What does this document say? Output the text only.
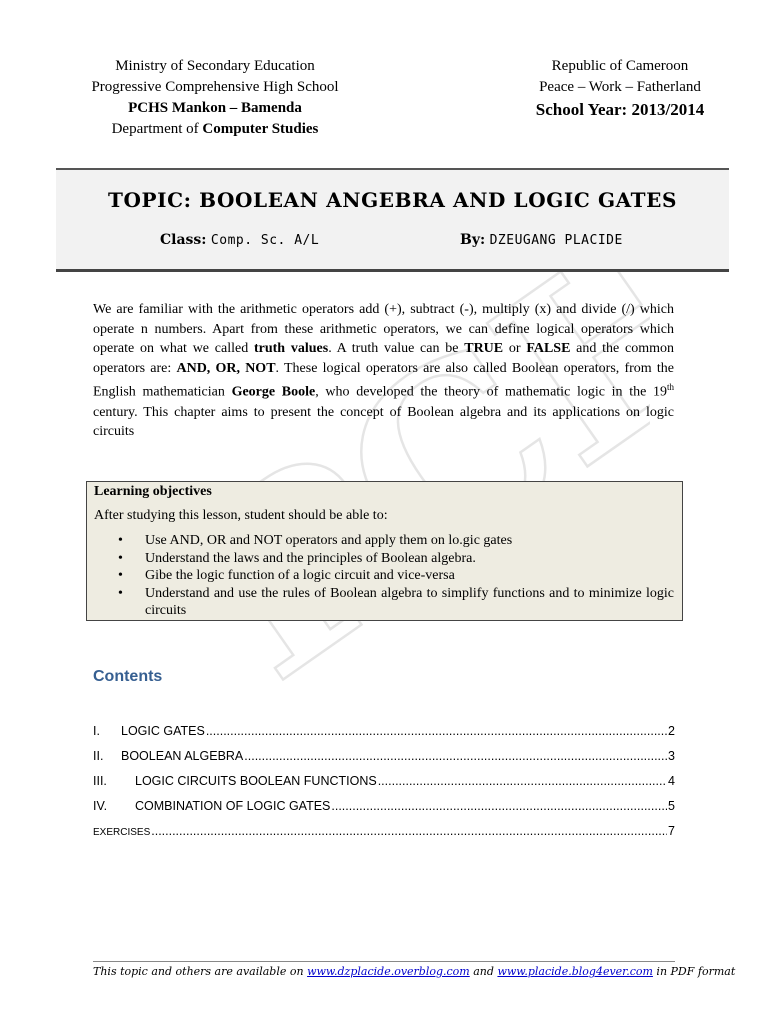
Ministry of Secondary Education
Progressive Comprehensive High School
PCHS Mankon – Bamenda
Department of Computer Studies
Republic of Cameroon
Peace – Work – Fatherland
School Year: 2013/2014
TOPIC: BOOLEAN ANGEBRA AND LOGIC GATES
Class: Comp. Sc. A/L	By: DZEUGANG PLACIDE
We are familiar with the arithmetic operators add (+), subtract (-), multiply (x) and divide (/) which operate n numbers. Apart from these arithmetic operators, we can define logical operators which operate on what we called truth values. A truth value can be TRUE or FALSE and the common operators are: AND, OR, NOT. These logical operators are also called Boolean operators, from the English mathematician George Boole, who developed the theory of mathematic logic in the 19th century. This chapter aims to present the concept of Boolean algebra and its applications on logic circuits
Learning objectives
After studying this lesson, student should be able to:
• Use AND, OR and NOT operators and apply them on lo.gic gates
• Understand the laws and the principles of Boolean algebra.
• Gibe the logic function of a logic circuit and vice-versa
• Understand and use the rules of Boolean algebra to simplify functions and to minimize logic circuits
Contents
I.	LOGIC GATES .....	2
II.	BOOLEAN ALGEBRA .....	3
III.	LOGIC CIRCUITS BOOLEAN FUNCTIONS .....	4
IV.	COMBINATION OF LOGIC GATES .....	5
EXERCISES .....	7
This topic and others are available on www.dzplacide.overblog.com and www.placide.blog4ever.com in PDF format
